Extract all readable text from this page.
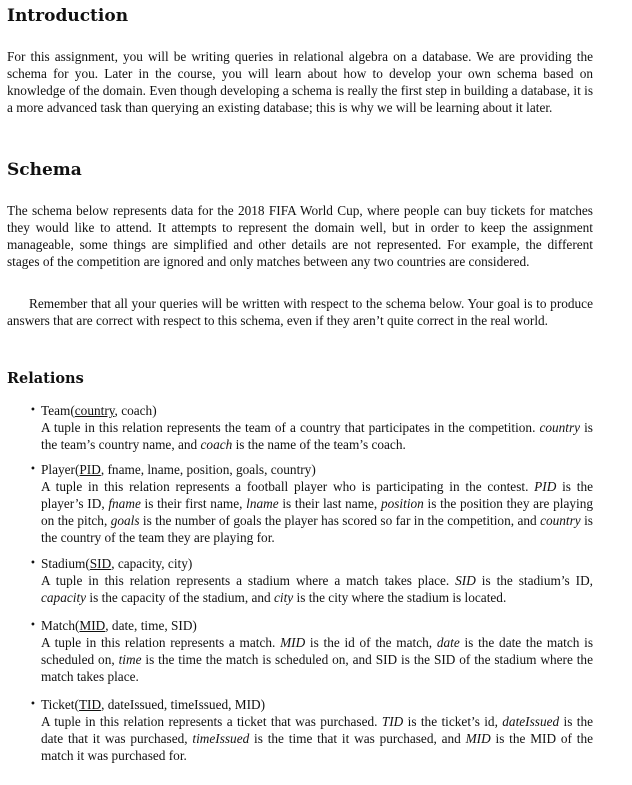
Introduction

For this assignment, you will be writing queries in relational algebra on a database. We are providing the schema for you. Later in the course, you will learn about how to develop your own schema based on knowledge of the domain. Even though developing a schema is really the first step in building a database, it is a more advanced task than querying an existing database; this is why we will be learning about it later.

Schema

The schema below represents data for the 2018 FIFA World Cup, where people can buy tickets for matches they would like to attend. It attempts to represent the domain well, but in order to keep the assignment manageable, some things are simplified and other details are not represented. For example, the different stages of the competition are ignored and only matches between any two countries are considered.

Remember that all your queries will be written with respect to the schema below. Your goal is to produce answers that are correct with respect to this schema, even if they aren’t quite correct in the real world.

Relations
• Team(country, coach)
A tuple in this relation represents the team of a country that participates in the competition. country is the team’s country name, and coach is the name of the team’s coach.
• Player(PID, fname, lname, position, goals, country)
A tuple in this relation represents a football player who is participating in the contest. PID is the player’s ID, fname is their first name, lname is their last name, position is the position they are playing on the pitch, goals is the number of goals the player has scored so far in the competition, and country is the country of the team they are playing for.
• Stadium(SID, capacity, city)
A tuple in this relation represents a stadium where a match takes place. SID is the stadium’s ID, capacity is the capacity of the stadium, and city is the city where the stadium is located.
• Match(MID, date, time, SID)
A tuple in this relation represents a match. MID is the id of the match, date is the date the match is scheduled on, time is the time the match is scheduled on, and SID is the SID of the stadium where the match takes place.
• Ticket(TID, dateIssued, timeIssued, MID)
A tuple in this relation represents a ticket that was purchased. TID is the ticket’s id, dateIssued is the date that it was purchased, timeIssued is the time that it was purchased, and MID is the MID of the match it was purchased for.
